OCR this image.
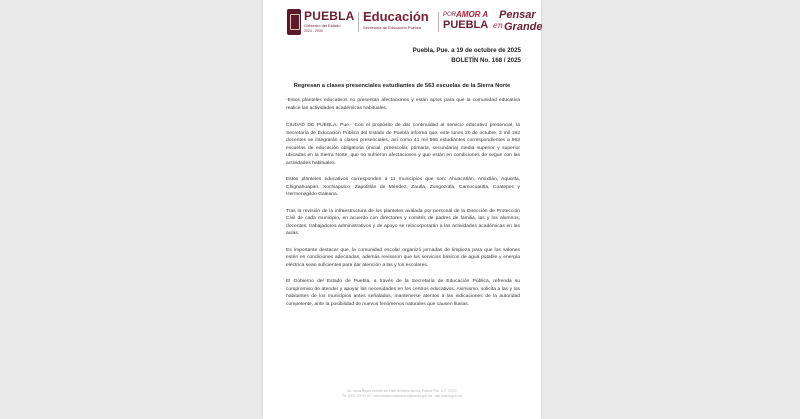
PUEBLA
Gobierno del Estado
2024 - 2030
Educación
Secretaría de Educación Pública
POR AMOR A
PUEBLA
Pensar
en Grande
Puebla, Pue. a 19 de octubre de 2025
BOLETÍN No. 168 / 2025
Regresan a clases presenciales estudiantes de 563 escuelas de la Sierra Norte

-Estos planteles educativos no presentan afectaciones y están aptos para que la comunidad educativa realice las actividades académicas habituales.

CIUDAD DE PUEBLA, Pue.- Con el propósito de dar continuidad al servicio educativo presencial, la Secretaría de Educación Pública del Estado de Puebla informa que, este lunes 20 de octubre, 2 mil 192 docentes se integrarán a clases presenciales, así como 41 mil 566 estudiantes correspondientes a 563 escuelas de educación obligatoria (inicial, preescolar, primaria, secundaria) media superior y superior ubicadas en la Sierra Norte, que no sufrieron afectaciones y que están en condiciones de seguir con las actividades habituales.

Estos planteles educativos corresponden a 11 municipios que son: Ahuacatlán, Amixtlán, Aquixtla, Chignahuapan, Xochiapulco, Zapotitlán de Méndez, Zautla, Zongozotla, Camocuautla, Coatepec y Hermenegildo Galeana.

Tras la revisión de la infraestructura de los planteles avalada por personal de la Dirección de Protección Civil de cada municipio, en acuerdo con directores y comités de padres de familia, las y los alumnos, docentes, trabajadores administrativos y de apoyo se reincorporarán a las actividades académicas en las aulas.

Es importante destacar que, la comunidad escolar organizó jornadas de limpieza para que los salones estén en condiciones adecuadas, además revisaron que los servicios básicos de agua potable y energía eléctrica sean suficientes para dar atención a las y los escolares.

El Gobierno del Estado de Puebla, a través de la Secretaría de Educación Pública, refrenda su compromiso de atender y apoyar las necesidades en los centros educativos. Asimismo, solicita a las y los habitantes de los municipios antes señalados, mantenerse atentos a las indicaciones de la autoridad competente, ante la posibilidad de nuevos fenómenos naturales que causen lluvias.

Av. Jesús Reyes Heroles s/n entre la Nueva Aurora, Puebla, Pue. C.P. 72070
Tel. (222) 229 69 00 · comunicacion.educacion@puebla.gob.mx · sep.puebla.gob.mx
